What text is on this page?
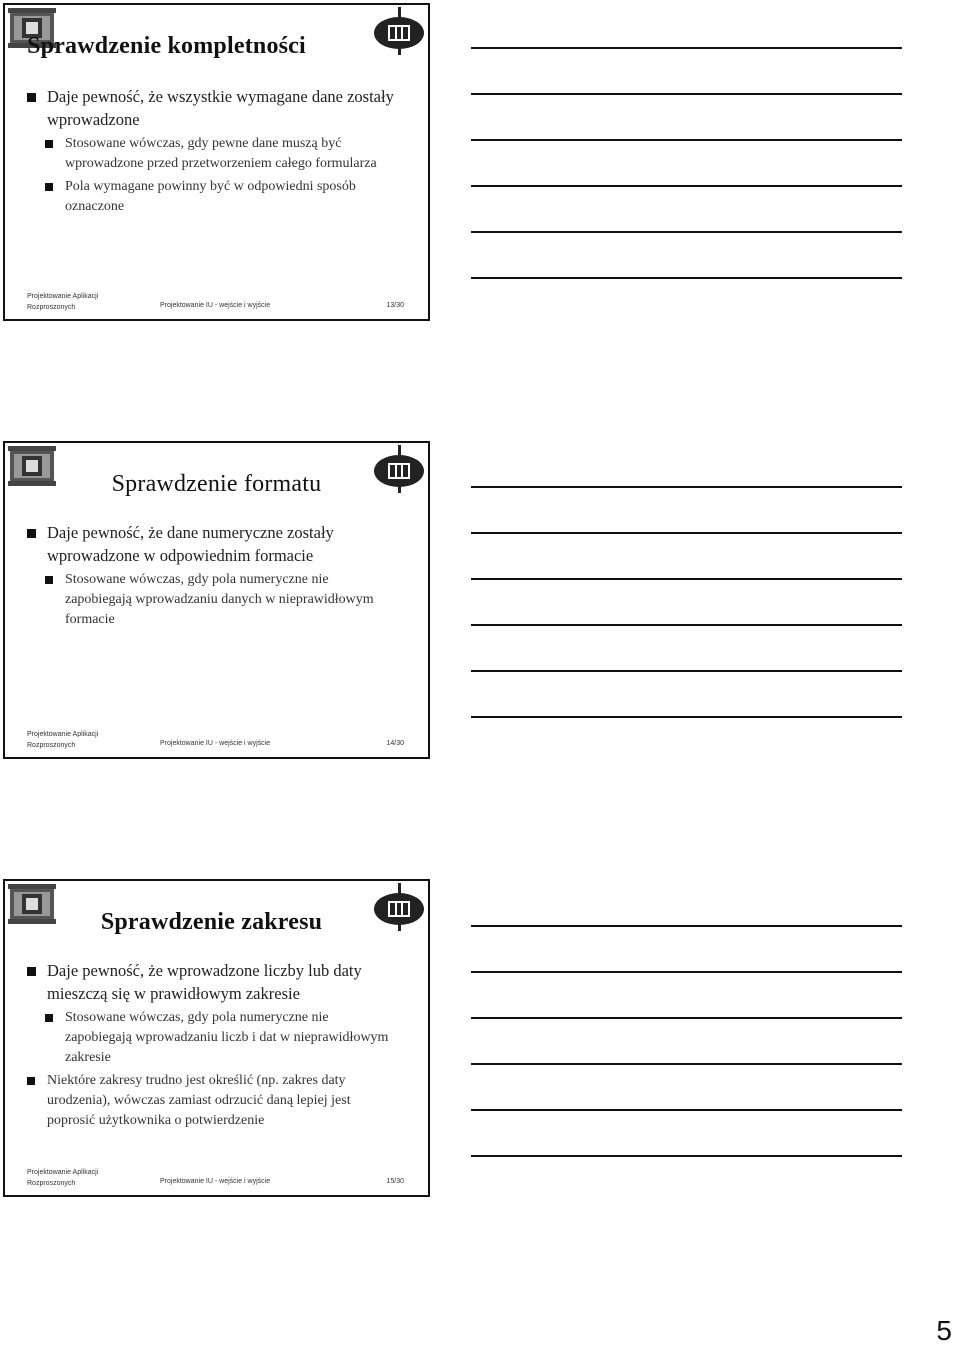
Sprawdzenie kompletności
Daje pewność, że wszystkie wymagane dane zostały wprowadzone
Stosowane wówczas, gdy pewne dane muszą być wprowadzone przed przetworzeniem całego formularza
Pola wymagane powinny być w odpowiedni sposób oznaczone
Projektowanie Aplikacji Rozproszonych	Projektowanie IU - wejście i wyjście	13/30
Sprawdzenie formatu
Daje pewność, że dane numeryczne zostały wprowadzone w odpowiednim formacie
Stosowane wówczas, gdy pola numeryczne nie zapobiegają wprowadzaniu danych w nieprawidłowym formacie
Projektowanie Aplikacji Rozproszonych	Projektowanie IU - wejście i wyjście	14/30
Sprawdzenie zakresu
Daje pewność, że wprowadzone liczby lub daty mieszczą się w prawidłowym zakresie
Stosowane wówczas, gdy pola numeryczne nie zapobiegają wprowadzaniu liczb i dat w nieprawidłowym zakresie
Niektóre zakresy trudno jest określić (np. zakres daty urodzenia), wówczas zamiast odrzucić daną lepiej jest poprosić użytkownika o potwierdzenie
Projektowanie Aplikacji Rozproszonych	Projektowanie IU - wejście i wyjście	15/30
5
